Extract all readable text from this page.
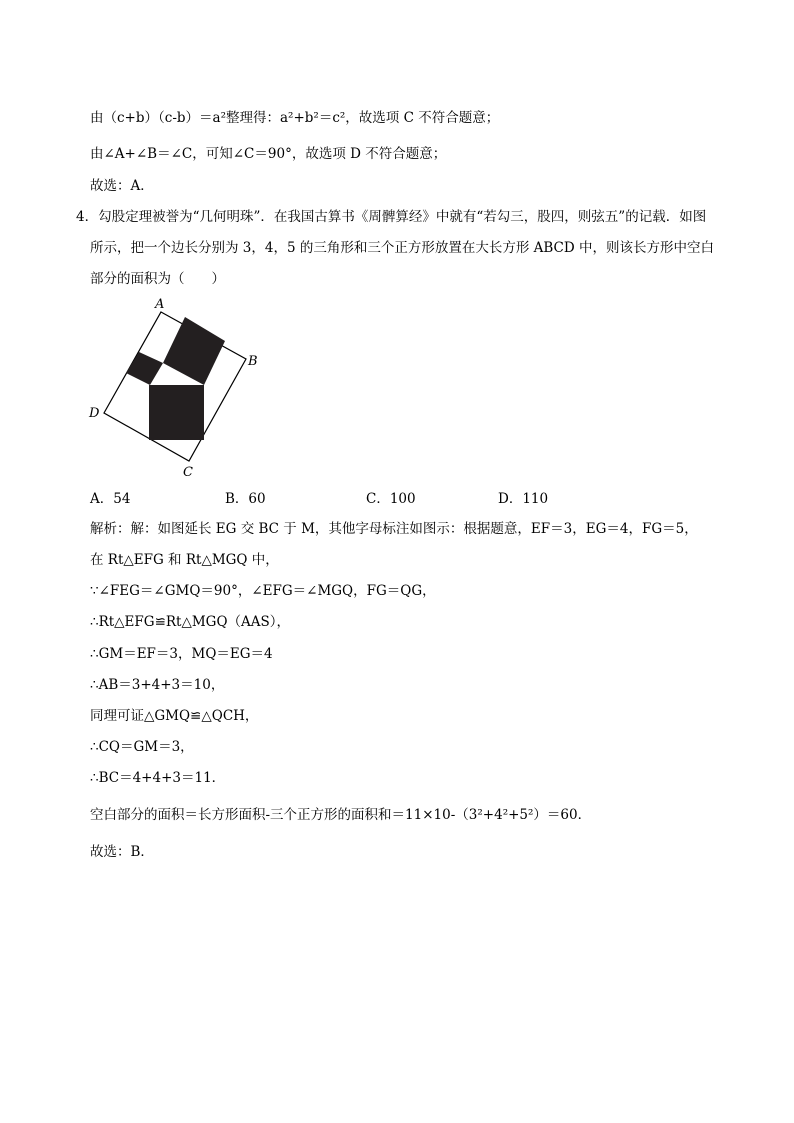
由（c+b）（c-b）＝a²整理得：a²+b²＝c²，故选项 C 不符合题意；
由∠A+∠B＝∠C，可知∠C＝90°，故选项 D 不符合题意；
故选：A．
4．勾股定理被誉为“几何明珠”．在我国古算书《周髀算经》中就有“若勾三，股四，则弦五”的记载．如图
所示，把一个边长分别为 3，4，5 的三角形和三个正方形放置在大长方形 ABCD 中，则该长方形中空白
部分的面积为（　　）
A
B
C
D
A．54	B．60	C．100	D．110
解析：解：如图延长 EG 交 BC 于 M，其他字母标注如图示：根据题意，EF＝3，EG＝4，FG＝5，
在 Rt△EFG 和 Rt△MGQ 中，
∵∠FEG＝∠GMQ＝90°，∠EFG＝∠MGQ，FG＝QG，
∴Rt△EFG≌Rt△MGQ（AAS），
∴GM＝EF＝3，MQ＝EG＝4
∴AB＝3+4+3＝10，
同理可证△GMQ≌△QCH，
∴CQ＝GM＝3，
∴BC＝4+4+3＝11．
空白部分的面积＝长方形面积-三个正方形的面积和＝11×10-（3²+4²+5²）＝60．
故选：B．
